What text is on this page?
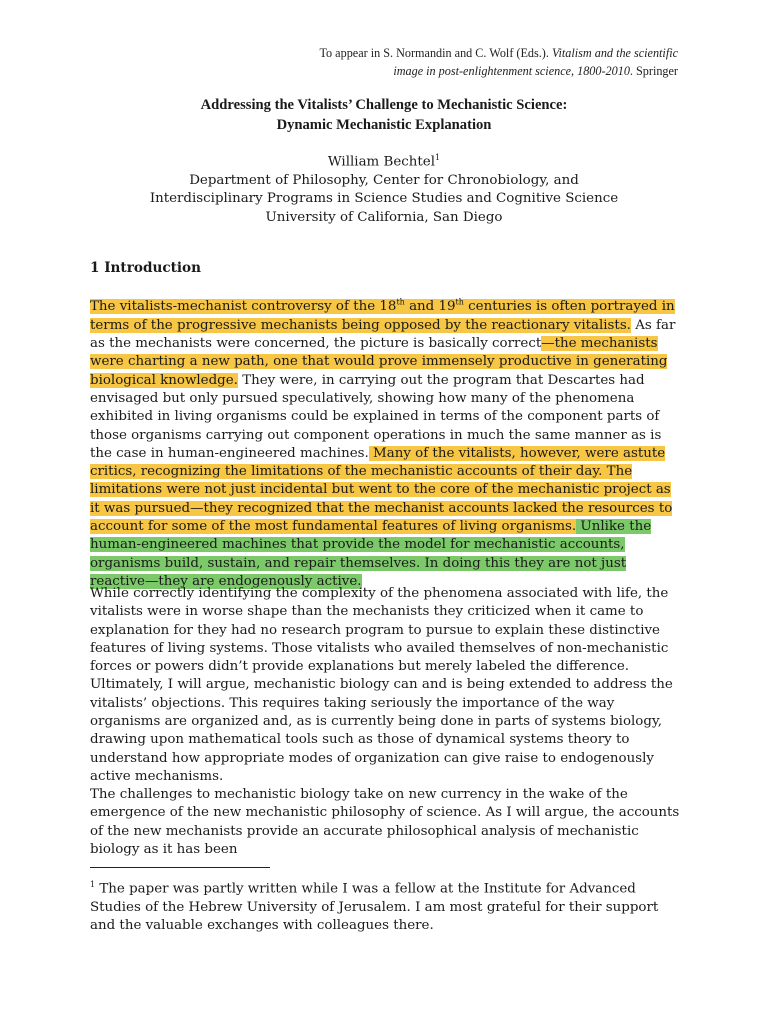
To appear in S. Normandin and C. Wolf (Eds.). Vitalism and the scientific image in post-enlightenment science, 1800-2010. Springer
Addressing the Vitalists’ Challenge to Mechanistic Science:
Dynamic Mechanistic Explanation
William Bechtel$^1$
Department of Philosophy, Center for Chronobiology, and
Interdisciplinary Programs in Science Studies and Cognitive Science
University of California, San Diego
1 Introduction

The vitalists-mechanist controversy of the 18th and 19th centuries is often portrayed in terms of the progressive mechanists being opposed by the reactionary vitalists. As far as the mechanists were concerned, the picture is basically correct—the mechanists were charting a new path, one that would prove immensely productive in generating biological knowledge. They were, in carrying out the program that Descartes had envisaged but only pursued speculatively, showing how many of the phenomena exhibited in living organisms could be explained in terms of the component parts of those organisms carrying out component operations in much the same manner as is the case in human-engineered machines. Many of the vitalists, however, were astute critics, recognizing the limitations of the mechanistic accounts of their day. The limitations were not just incidental but went to the core of the mechanistic project as it was pursued—they recognized that the mechanist accounts lacked the resources to account for some of the most fundamental features of living organisms. Unlike the human-engineered machines that provide the model for mechanistic accounts, organisms build, sustain, and repair themselves. In doing this they are not just reactive—they are endogenously active.

While correctly identifying the complexity of the phenomena associated with life, the vitalists were in worse shape than the mechanists they criticized when it came to explanation for they had no research program to pursue to explain these distinctive features of living systems. Those vitalists who availed themselves of non-mechanistic forces or powers didn’t provide explanations but merely labeled the difference. Ultimately, I will argue, mechanistic biology can and is being extended to address the vitalists’ objections. This requires taking seriously the importance of the way organisms are organized and, as is currently being done in parts of systems biology, drawing upon mathematical tools such as those of dynamical systems theory to understand how appropriate modes of organization can give raise to endogenously active mechanisms.

The challenges to mechanistic biology take on new currency in the wake of the emergence of the new mechanistic philosophy of science. As I will argue, the accounts of the new mechanists provide an accurate philosophical analysis of mechanistic biology as it has been

$^1$ The paper was partly written while I was a fellow at the Institute for Advanced Studies of the Hebrew University of Jerusalem. I am most grateful for their support and the valuable exchanges with colleagues there.
